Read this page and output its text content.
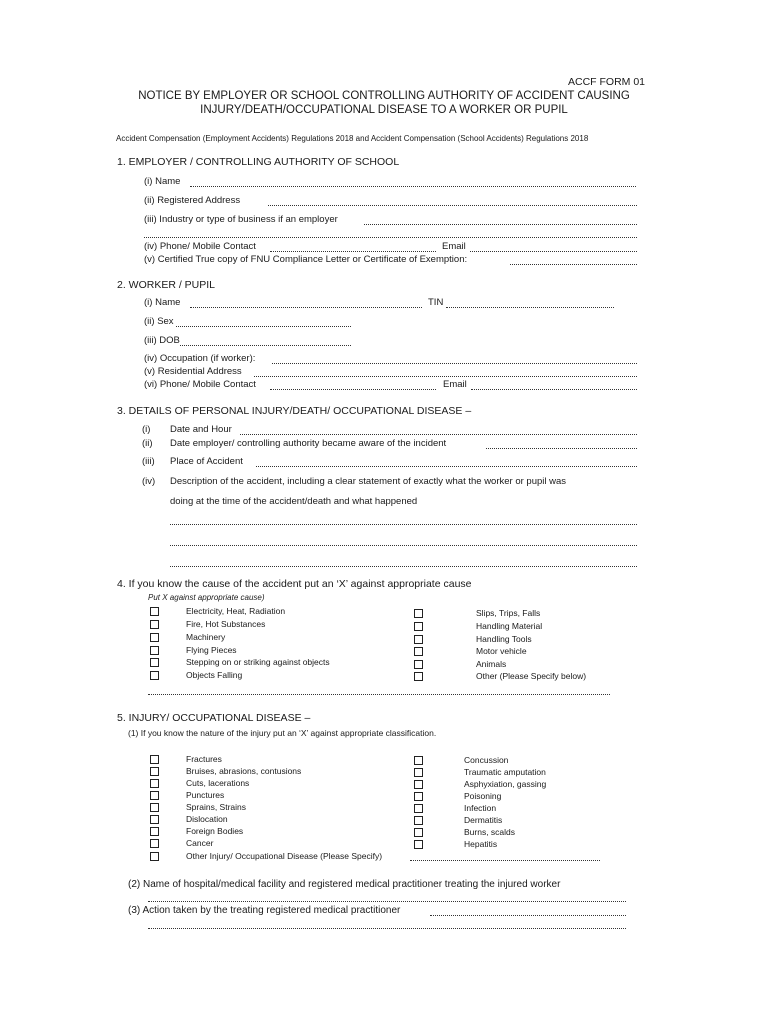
ACCF FORM 01
NOTICE BY EMPLOYER OR SCHOOL CONTROLLING AUTHORITY OF ACCIDENT CAUSING
INJURY/DEATH/OCCUPATIONAL DISEASE TO A WORKER OR PUPIL
Accident Compensation (Employment Accidents) Regulations 2018 and Accident Compensation (School Accidents) Regulations 2018
1. EMPLOYER / CONTROLLING AUTHORITY OF SCHOOL
(i) Name
(ii) Registered Address
(iii) Industry or type of business if an employer
(iv) Phone/ Mobile Contact	Email
(v) Certified True copy of FNU Compliance Letter or Certificate of Exemption:
2. WORKER / PUPIL
(i) Name	TIN
(ii) Sex
(iii) DOB
(iv) Occupation (if worker):
(v) Residential Address
(vi) Phone/ Mobile Contact	Email
3. DETAILS OF PERSONAL INJURY/DEATH/ OCCUPATIONAL DISEASE –
(i) Date and Hour
(ii) Date employer/ controlling authority became aware of the incident
(iii) Place of Accident
(iv) Description of the accident, including a clear statement of exactly what the worker or pupil was
doing at the time of the accident/death and what happened
4. If you know the cause of the accident put an ‘X’ against appropriate cause
Put X against appropriate cause)
Electricity, Heat, Radiation
Fire, Hot Substances
Machinery
Flying Pieces
Stepping on or striking against objects
Objects Falling
Slips, Trips, Falls
Handling Material
Handling Tools
Motor vehicle
Animals
Other (Please Specify below)
5. INJURY/ OCCUPATIONAL DISEASE –
(1) If you know the nature of the injury put an ‘X’ against appropriate classification.
Fractures
Bruises, abrasions, contusions
Cuts, lacerations
Punctures
Sprains, Strains
Dislocation
Foreign Bodies
Cancer
Other Injury/ Occupational Disease (Please Specify)
Concussion
Traumatic amputation
Asphyxiation, gassing
Poisoning
Infection
Dermatitis
Burns, scalds
Hepatitis
(2) Name of hospital/medical facility and registered medical practitioner treating the injured worker
(3) Action taken by the treating registered medical practitioner
